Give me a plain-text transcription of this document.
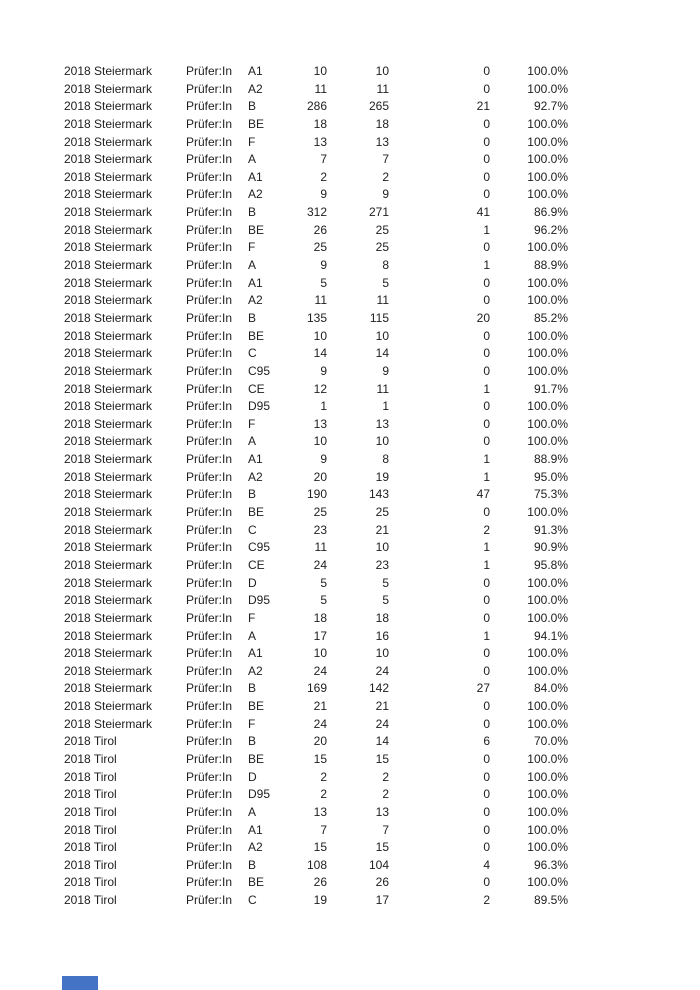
2018 Steiermark	Prüfer:In	A1	10	10	0	100.0%
2018 Steiermark	Prüfer:In	A2	11	11	0	100.0%
2018 Steiermark	Prüfer:In	B	286	265	21	92.7%
2018 Steiermark	Prüfer:In	BE	18	18	0	100.0%
2018 Steiermark	Prüfer:In	F	13	13	0	100.0%
2018 Steiermark	Prüfer:In	A	7	7	0	100.0%
2018 Steiermark	Prüfer:In	A1	2	2	0	100.0%
2018 Steiermark	Prüfer:In	A2	9	9	0	100.0%
2018 Steiermark	Prüfer:In	B	312	271	41	86.9%
2018 Steiermark	Prüfer:In	BE	26	25	1	96.2%
2018 Steiermark	Prüfer:In	F	25	25	0	100.0%
2018 Steiermark	Prüfer:In	A	9	8	1	88.9%
2018 Steiermark	Prüfer:In	A1	5	5	0	100.0%
2018 Steiermark	Prüfer:In	A2	11	11	0	100.0%
2018 Steiermark	Prüfer:In	B	135	115	20	85.2%
2018 Steiermark	Prüfer:In	BE	10	10	0	100.0%
2018 Steiermark	Prüfer:In	C	14	14	0	100.0%
2018 Steiermark	Prüfer:In	C95	9	9	0	100.0%
2018 Steiermark	Prüfer:In	CE	12	11	1	91.7%
2018 Steiermark	Prüfer:In	D95	1	1	0	100.0%
2018 Steiermark	Prüfer:In	F	13	13	0	100.0%
2018 Steiermark	Prüfer:In	A	10	10	0	100.0%
2018 Steiermark	Prüfer:In	A1	9	8	1	88.9%
2018 Steiermark	Prüfer:In	A2	20	19	1	95.0%
2018 Steiermark	Prüfer:In	B	190	143	47	75.3%
2018 Steiermark	Prüfer:In	BE	25	25	0	100.0%
2018 Steiermark	Prüfer:In	C	23	21	2	91.3%
2018 Steiermark	Prüfer:In	C95	11	10	1	90.9%
2018 Steiermark	Prüfer:In	CE	24	23	1	95.8%
2018 Steiermark	Prüfer:In	D	5	5	0	100.0%
2018 Steiermark	Prüfer:In	D95	5	5	0	100.0%
2018 Steiermark	Prüfer:In	F	18	18	0	100.0%
2018 Steiermark	Prüfer:In	A	17	16	1	94.1%
2018 Steiermark	Prüfer:In	A1	10	10	0	100.0%
2018 Steiermark	Prüfer:In	A2	24	24	0	100.0%
2018 Steiermark	Prüfer:In	B	169	142	27	84.0%
2018 Steiermark	Prüfer:In	BE	21	21	0	100.0%
2018 Steiermark	Prüfer:In	F	24	24	0	100.0%
2018 Tirol	Prüfer:In	B	20	14	6	70.0%
2018 Tirol	Prüfer:In	BE	15	15	0	100.0%
2018 Tirol	Prüfer:In	D	2	2	0	100.0%
2018 Tirol	Prüfer:In	D95	2	2	0	100.0%
2018 Tirol	Prüfer:In	A	13	13	0	100.0%
2018 Tirol	Prüfer:In	A1	7	7	0	100.0%
2018 Tirol	Prüfer:In	A2	15	15	0	100.0%
2018 Tirol	Prüfer:In	B	108	104	4	96.3%
2018 Tirol	Prüfer:In	BE	26	26	0	100.0%
2018 Tirol	Prüfer:In	C	19	17	2	89.5%
